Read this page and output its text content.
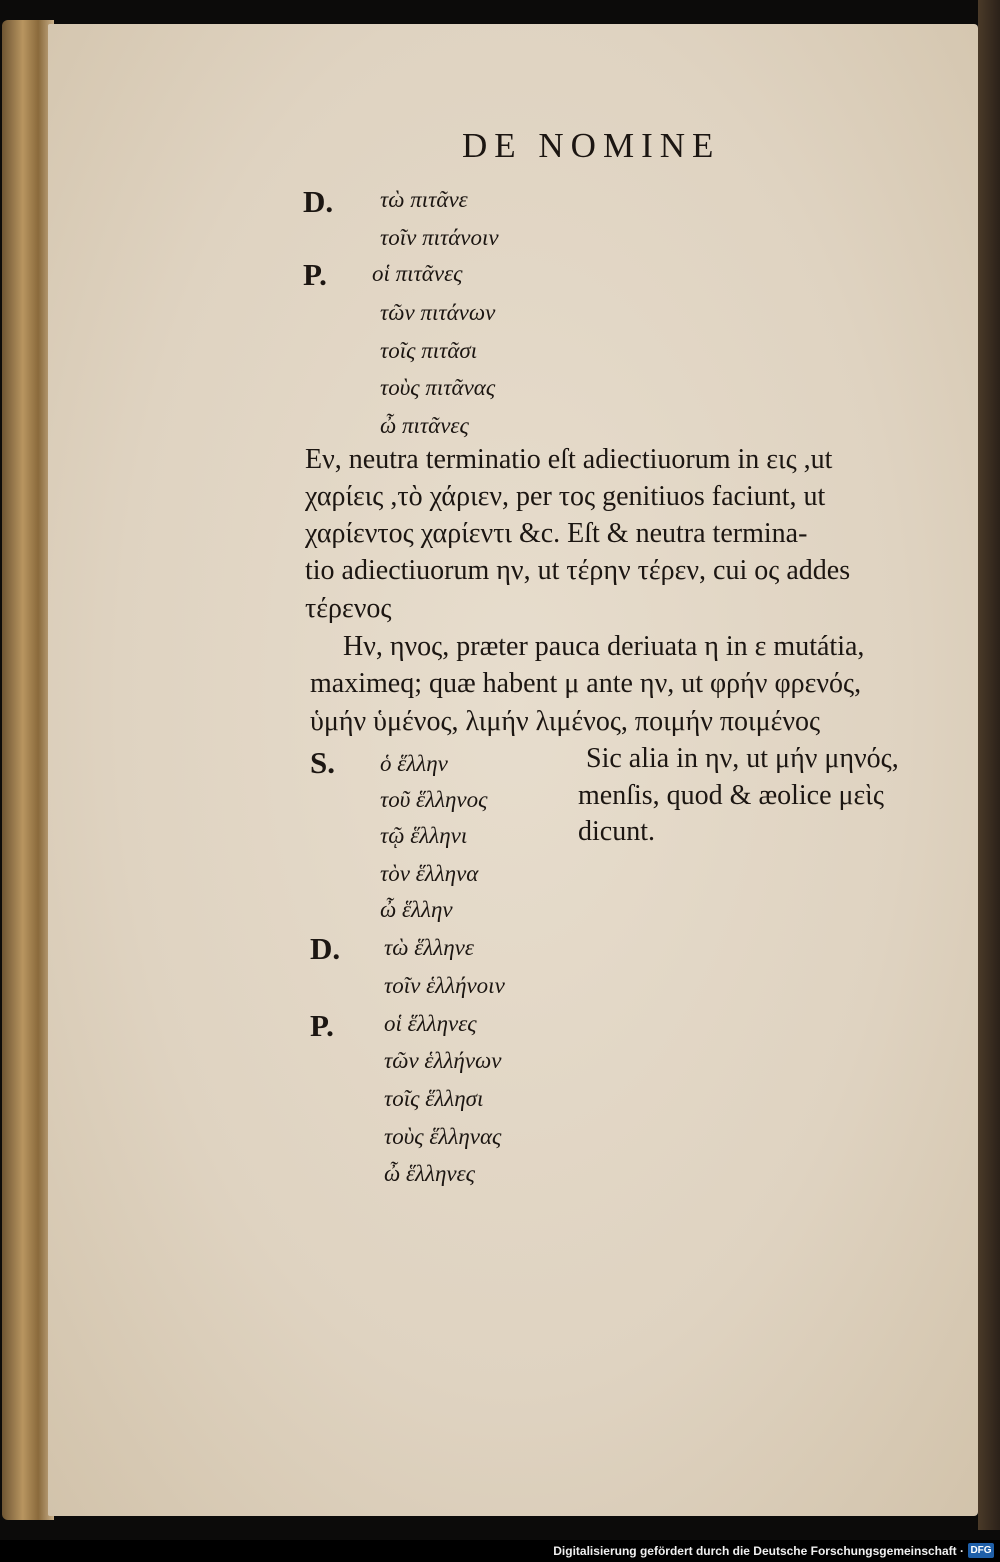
DE NOMINE
D. τὼ πιτᾶνε
τοῖν πιτάνοιν
P. οἱ πιτᾶνες
τῶν πιτάνων
τοῖς πιτᾶσι
τοὺς πιτᾶνας
ὦ πιτᾶνες
Eν, neutra terminatio eſt adiectiuorum in εις ,ut
χαρίεις ,τὸ χάριεν, per τος genitiuos faciunt, ut
χαρίεντος χαρίεντι &c. Eſt & neutra termina-
tio adiectiuorum ην, ut τέρην τέρεν, cui ος addes
τέρενος
Hν, ηνος, præter pauca deriuata η in ε mutátia,
maximeq; quæ habent μ ante ην, ut φρήν φρενός,
ὑμήν ὑμένος, λιμήν λιμένος, ποιμήν ποιμένος
S. ὁ ἕλλην
τοῦ ἕλληνος
τῷ ἕλληνι
τὸν ἕλληνα
ὦ ἕλλην
Sic alia in ην, ut μήν μηνός,
menſis, quod & æolice μεὶς
dicunt.
D. τὼ ἕλληνε
τοῖν ἑλλήνοιν
P. οἱ ἕλληνες
τῶν ἑλλήνων
τοῖς ἕλλησι
τοὺς ἕλληνας
ὦ ἕλληνες
Digitalisierung gefördert durch die Deutsche Forschungsgemeinschaft · DFG
